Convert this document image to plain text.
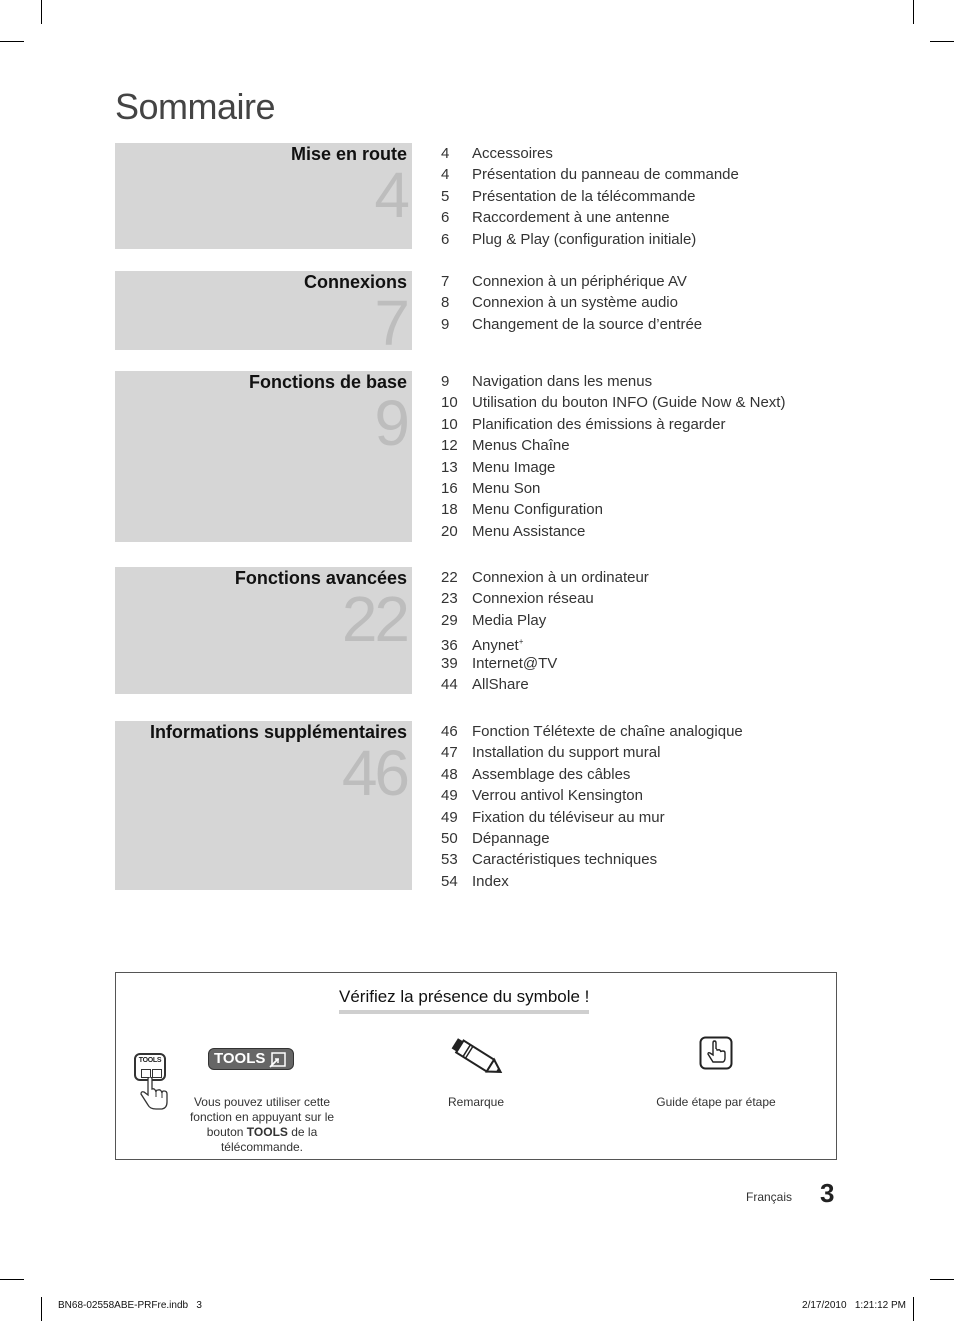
Sommaire
Mise en route
4
4 Accessoires
4 Présentation du panneau de commande
5 Présentation de la télécommande
6 Raccordement à une antenne
6 Plug & Play (configuration initiale)
Connexions
7
7 Connexion à un périphérique AV
8 Connexion à un système audio
9 Changement de la source d’entrée
Fonctions de base
9
9 Navigation dans les menus
10 Utilisation du bouton INFO (Guide Now & Next)
10 Planification des émissions à regarder
12 Menus Chaîne
13 Menu Image
16 Menu Son
18 Menu Configuration
20 Menu Assistance
Fonctions avancées
22
22 Connexion à un ordinateur
23 Connexion réseau
29 Media Play
36 Anynet+
39 Internet@TV
44 AllShare
Informations supplémentaires
46
46 Fonction Télétexte de chaîne analogique
47 Installation du support mural
48 Assemblage des câbles
49 Verrou antivol Kensington
49 Fixation du téléviseur au mur
50 Dépannage
53 Caractéristiques techniques
54 Index
Vérifiez la présence du symbole !
TOOLS	TOOLS
Vous pouvez utiliser cette fonction en appuyant sur le bouton TOOLS de la télécommande.
Remarque	Guide étape par étape
Français 3
BN68-02558ABE-PRFre.indb   3	2/17/2010   1:21:12 PM
